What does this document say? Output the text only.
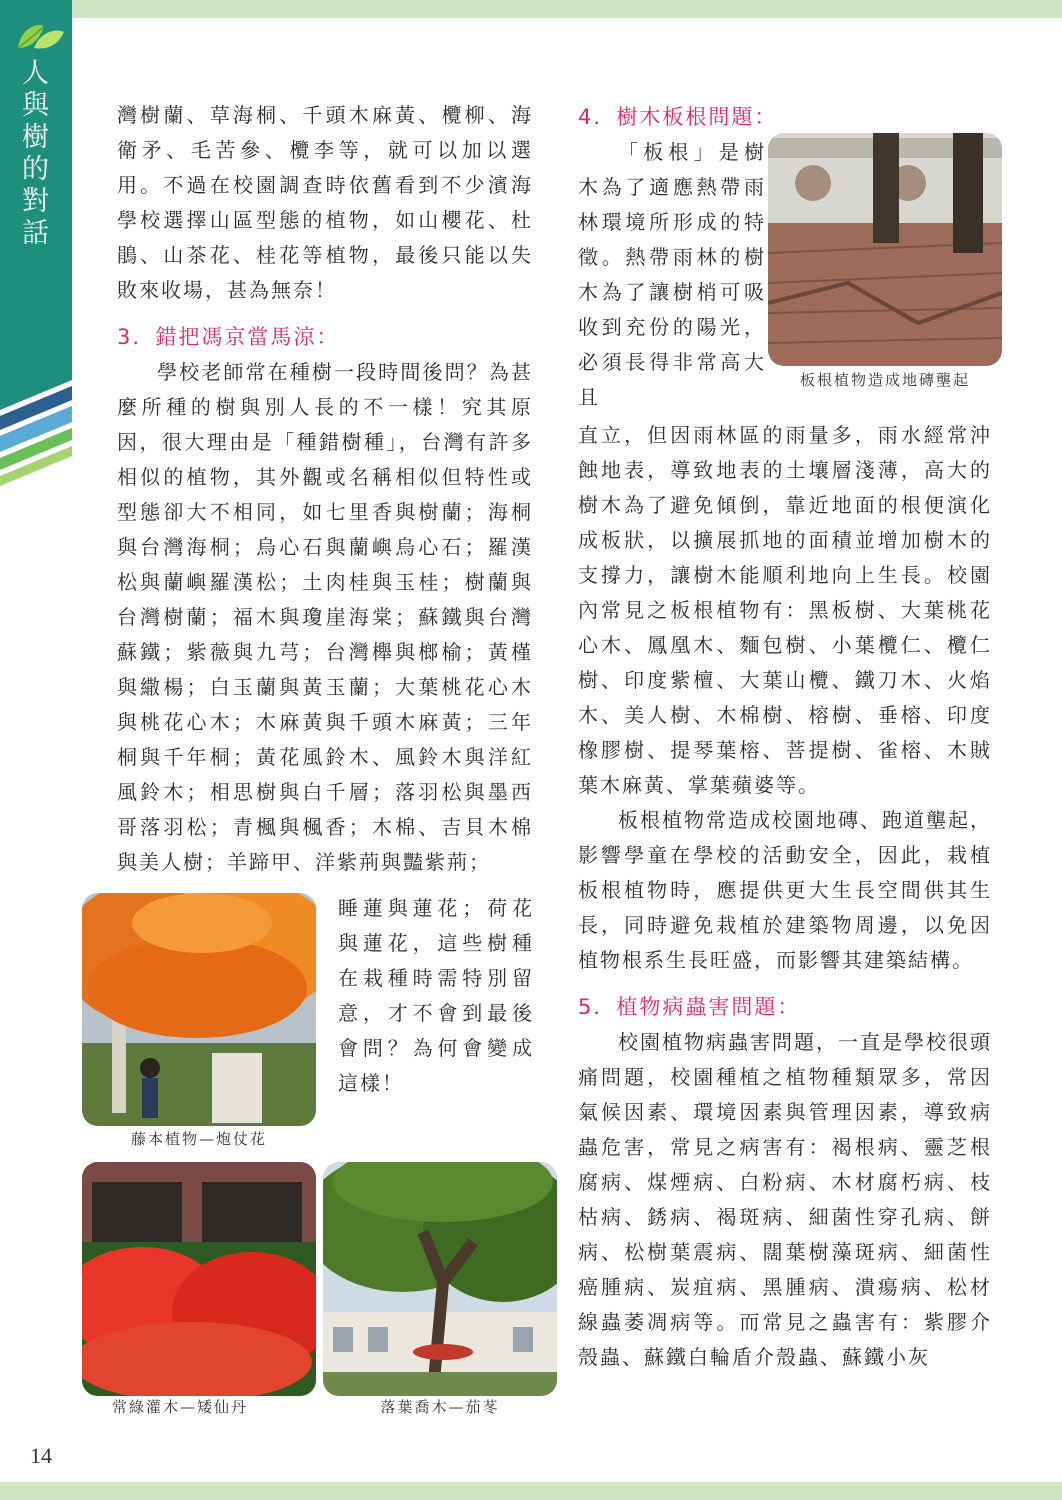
人
與
樹
的
對
話

灣樹蘭、草海桐、千頭木麻黃、欖柳、海衛矛、毛苦參、欖李等，就可以加以選用。不過在校園調查時依舊看到不少濱海學校選擇山區型態的植物，如山櫻花、杜鵑、山茶花、桂花等植物，最後只能以失敗來收場，甚為無奈！

3．錯把馮京當馬涼：

學校老師常在種樹一段時間後問？為甚麼所種的樹與別人長的不一樣！究其原因，很大理由是「種錯樹種」，台灣有許多相似的植物，其外觀或名稱相似但特性或型態卻大不相同，如七里香與樹蘭；海桐與台灣海桐；烏心石與蘭嶼烏心石；羅漢松與蘭嶼羅漢松；土肉桂與玉桂；樹蘭與台灣樹蘭；福木與瓊崖海棠；蘇鐵與台灣蘇鐵；紫薇與九芎；台灣櫸與榔榆；黃槿與繖楊；白玉蘭與黃玉蘭；大葉桃花心木與桃花心木；木麻黃與千頭木麻黃；三年桐與千年桐；黃花風鈴木、風鈴木與洋紅風鈴木；相思樹與白千層；落羽松與墨西哥落羽松；青楓與楓香；木棉、吉貝木棉與美人樹；羊蹄甲、洋紫荊與豔紫荊；

睡蓮與蓮花；荷花與蓮花，這些樹種在栽種時需特別留意，才不會到最後會問？為何會變成這樣！

藤本植物—炮仗花
常綠灌木—矮仙丹	落葉喬木—茄苳

4．樹木板根問題：

「板根」是樹木為了適應熱帶雨林環境所形成的特徵。熱帶雨林的樹木為了讓樹梢可吸收到充份的陽光，必須長得非常高大且

板根植物造成地磚壟起

直立，但因雨林區的雨量多，雨水經常沖蝕地表，導致地表的土壤層淺薄，高大的樹木為了避免傾倒，靠近地面的根便演化成板狀，以擴展抓地的面積並增加樹木的支撐力，讓樹木能順利地向上生長。校園內常見之板根植物有：黑板樹、大葉桃花心木、鳳凰木、麵包樹、小葉欖仁、欖仁樹、印度紫檀、大葉山欖、鐵刀木、火焰木、美人樹、木棉樹、榕樹、垂榕、印度橡膠樹、提琴葉榕、菩提樹、雀榕、木賊葉木麻黃、掌葉蘋婆等。

板根植物常造成校園地磚、跑道壟起，影響學童在學校的活動安全，因此，栽植板根植物時，應提供更大生長空間供其生長，同時避免栽植於建築物周邊，以免因植物根系生長旺盛，而影響其建築結構。

5．植物病蟲害問題：

校園植物病蟲害問題，一直是學校很頭痛問題，校園種植之植物種類眾多，常因氣候因素、環境因素與管理因素，導致病蟲危害，常見之病害有：褐根病、靈芝根腐病、煤煙病、白粉病、木材腐朽病、枝枯病、銹病、褐斑病、細菌性穿孔病、餅病、松樹葉震病、闊葉樹藻斑病、細菌性癌腫病、炭疽病、黑腫病、潰瘍病、松材線蟲萎凋病等。而常見之蟲害有：紫膠介殼蟲、蘇鐵白輪盾介殼蟲、蘇鐵小灰

14
